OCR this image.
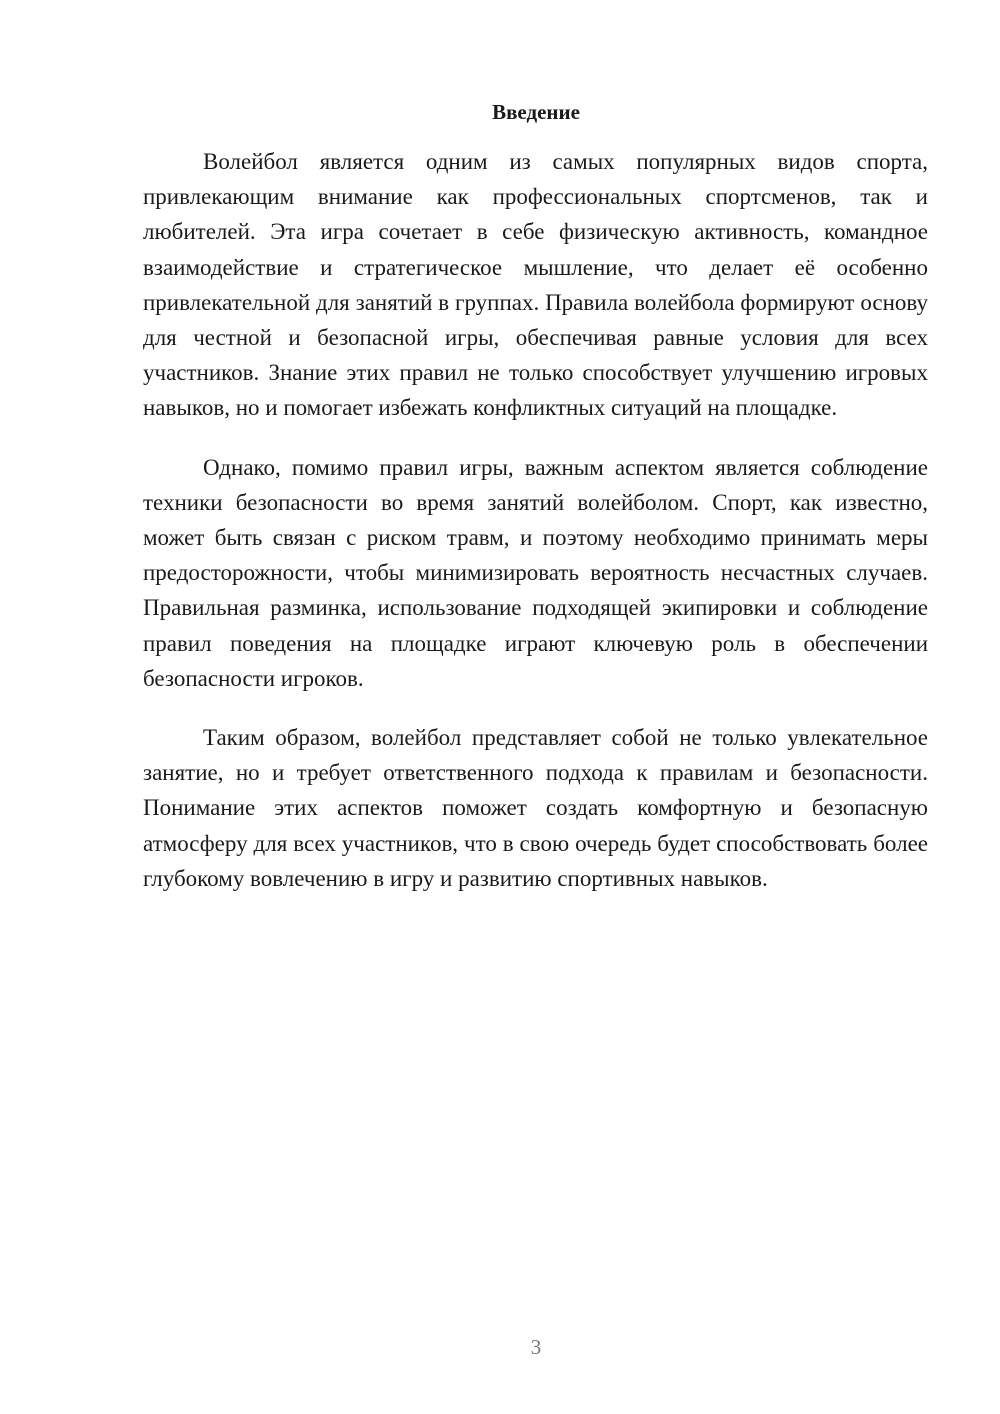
Введение

Волейбол является одним из самых популярных видов спорта, привлекающим внимание как профессиональных спортсменов, так и любителей. Эта игра сочетает в себе физическую активность, командное взаимодействие и стратегическое мышление, что делает её особенно привлекательной для занятий в группах. Правила волейбола формируют основу для честной и безопасной игры, обеспечивая равные условия для всех участников. Знание этих правил не только способствует улучшению игровых навыков, но и помогает избежать конфликтных ситуаций на площадке.

Однако, помимо правил игры, важным аспектом является соблюдение техники безопасности во время занятий волейболом. Спорт, как известно, может быть связан с риском травм, и поэтому необходимо принимать меры предосторожности, чтобы минимизировать вероятность несчастных случаев. Правильная разминка, использование подходящей экипировки и соблюдение правил поведения на площадке играют ключевую роль в обеспечении безопасности игроков.

Таким образом, волейбол представляет собой не только увлекательное занятие, но и требует ответственного подхода к правилам и безопасности. Понимание этих аспектов поможет создать комфортную и безопасную атмосферу для всех участников, что в свою очередь будет способствовать более глубокому вовлечению в игру и развитию спортивных навыков.

3
